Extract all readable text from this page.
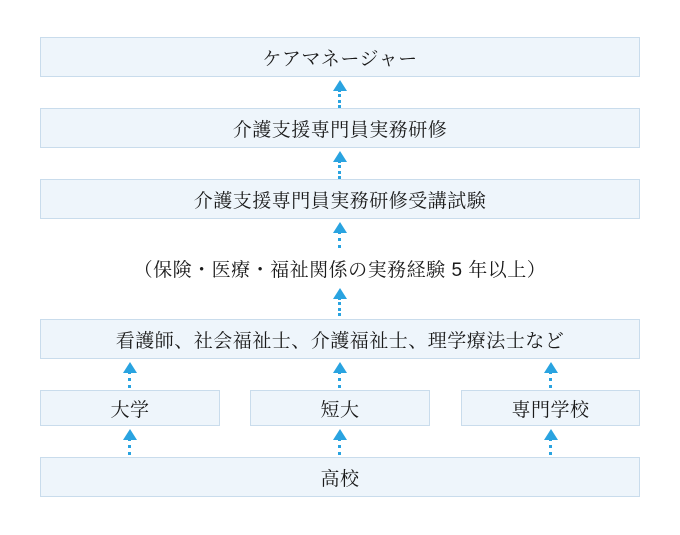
ケアマネージャー
介護支援専門員実務研修
介護支援専門員実務研修受講試験
（保険・医療・福祉関係の実務経験 5 年以上）
看護師、社会福祉士、介護福祉士、理学療法士など
大学	短大	専門学校
高校
